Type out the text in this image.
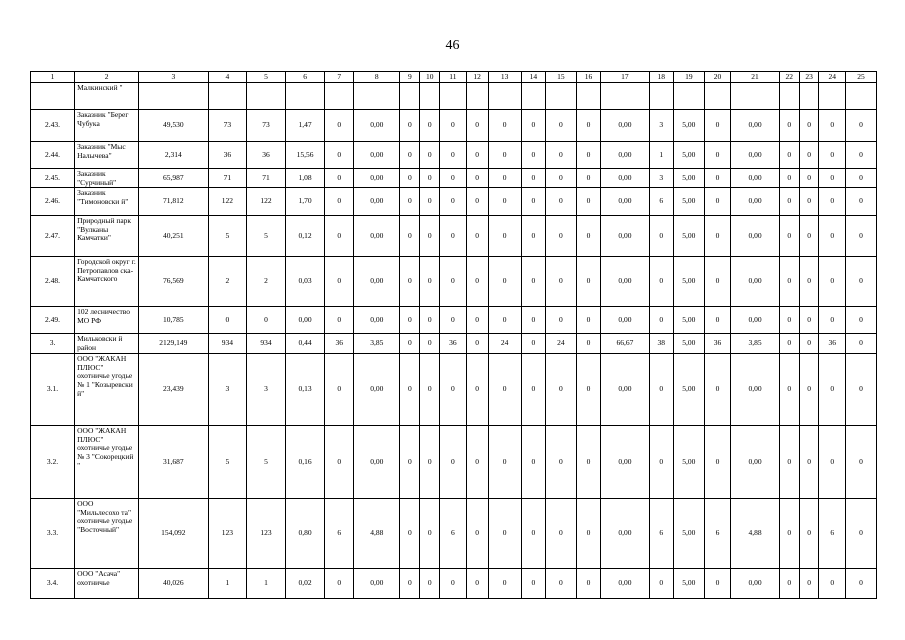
46
1	2	3	4	5	6	7	8	9	10	11	12	13	14	15	16	17	18	19	20	21	22	23	24	25
	Малкинский "																							
2.43.	Заказник "Берег Чубука	49,530	73	73	1,47	0	0,00	0	0	0	0	0	0	0	0	0,00	3	5,00	0	0,00	0	0	0	0
2.44.	Заказник "Мыс Налычева"	2,314	36	36	15,56	0	0,00	0	0	0	0	0	0	0	0	0,00	1	5,00	0	0,00	0	0	0	0
2.45.	Заказник "Сурчиный"	65,987	71	71	1,08	0	0,00	0	0	0	0	0	0	0	0	0,00	3	5,00	0	0,00	0	0	0	0
2.46.	Заказник "Тимоновски й"	71,812	122	122	1,70	0	0,00	0	0	0	0	0	0	0	0	0,00	6	5,00	0	0,00	0	0	0	0
2.47.	Природный парк "Вулканы Камчатки"	40,251	5	5	0,12	0	0,00	0	0	0	0	0	0	0	0	0,00	0	5,00	0	0,00	0	0	0	0
2.48.	Городской округ г. Петропавлов ска-Камчатского	76,569	2	2	0,03	0	0,00	0	0	0	0	0	0	0	0	0,00	0	5,00	0	0,00	0	0	0	0
2.49.	102 лесничество МО РФ	10,785	0	0	0,00	0	0,00	0	0	0	0	0	0	0	0	0,00	0	5,00	0	0,00	0	0	0	0
3.	Мильковски й район	2129,149	934	934	0,44	36	3,85	0	0	36	0	24	0	24	0	66,67	38	5,00	36	3,85	0	0	36	0
3.1.	ООО "ЖАКАН ПЛЮС" охотничье угодье № 1 "Козыревски й"	23,439	3	3	0,13	0	0,00	0	0	0	0	0	0	0	0	0,00	0	5,00	0	0,00	0	0	0	0
3.2.	ООО "ЖАКАН ПЛЮС" охотничье угодье № 3 "Сокорецкий "	31,687	5	5	0,16	0	0,00	0	0	0	0	0	0	0	0	0,00	0	5,00	0	0,00	0	0	0	0
3.3.	ООО "Мильлесохо та" охотничье угодье "Восточный"	154,092	123	123	0,80	6	4,88	0	0	6	0	0	0	0	0	0,00	6	5,00	6	4,88	0	0	6	0
3.4.	ООО "Асача" охотничье	40,026	1	1	0,02	0	0,00	0	0	0	0	0	0	0	0	0,00	0	5,00	0	0,00	0	0	0	0
